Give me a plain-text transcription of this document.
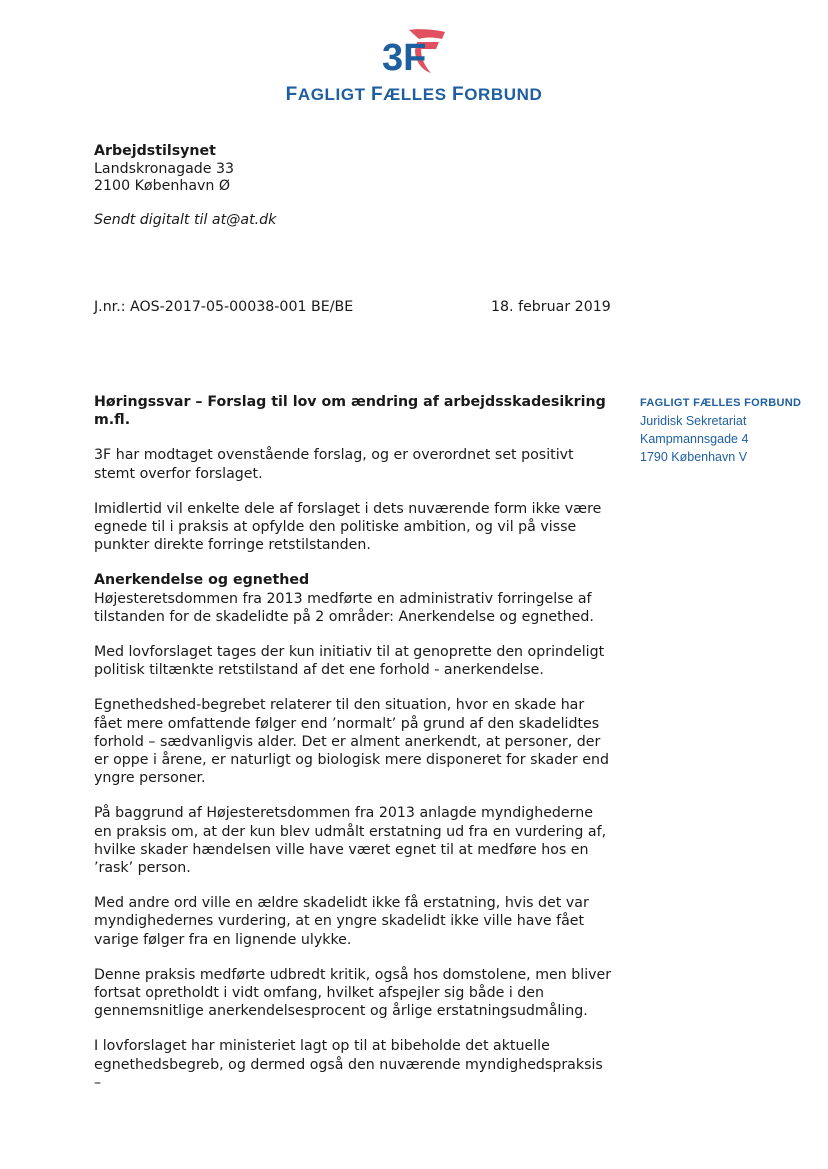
3F
FAGLIGT FÆLLES FORBUND
Arbejdstilsynet
Landskronagade 33
2100 København Ø
Sendt digitalt til at@at.dk
J.nr.: AOS-2017-05-00038-001 BE/BE	18. februar 2019
FAGLIGT FÆLLES FORBUND
Juridisk Sekretariat
Kampmannsgade 4
1790 København V
Høringssvar – Forslag til lov om ændring af arbejdsskadesikring m.fl.

3F har modtaget ovenstående forslag, og er overordnet set positivt stemt overfor forslaget.

Imidlertid vil enkelte dele af forslaget i dets nuværende form ikke være egnede til i praksis at opfylde den politiske ambition, og vil på visse punkter direkte forringe retstilstanden.

Anerkendelse og egnethed

Højesteretsdommen fra 2013 medførte en administrativ forringelse af tilstanden for de skadelidte på 2 områder: Anerkendelse og egnethed.

Med lovforslaget tages der kun initiativ til at genoprette den oprindeligt politisk tiltænkte retstilstand af det ene forhold - anerkendelse.

Egnethedshed-begrebet relaterer til den situation, hvor en skade har fået mere omfattende følger end ’normalt’ på grund af den skadelidtes forhold – sædvanligvis alder. Det er alment anerkendt, at personer, der er oppe i årene, er naturligt og biologisk mere disponeret for skader end yngre personer.

På baggrund af Højesteretsdommen fra 2013 anlagde myndighederne en praksis om, at der kun blev udmålt erstatning ud fra en vurdering af, hvilke skader hændelsen ville have været egnet til at medføre hos en ’rask’ person.

Med andre ord ville en ældre skadelidt ikke få erstatning, hvis det var myndighedernes vurdering, at en yngre skadelidt ikke ville have fået varige følger fra en lignende ulykke.

Denne praksis medførte udbredt kritik, også hos domstolene, men bliver fortsat opretholdt i vidt omfang, hvilket afspejler sig både i den gennemsnitlige anerkendelsesprocent og årlige erstatningsudmåling.

I lovforslaget har ministeriet lagt op til at bibeholde det aktuelle egnethedsbegreb, og dermed også den nuværende myndighedspraksis –
